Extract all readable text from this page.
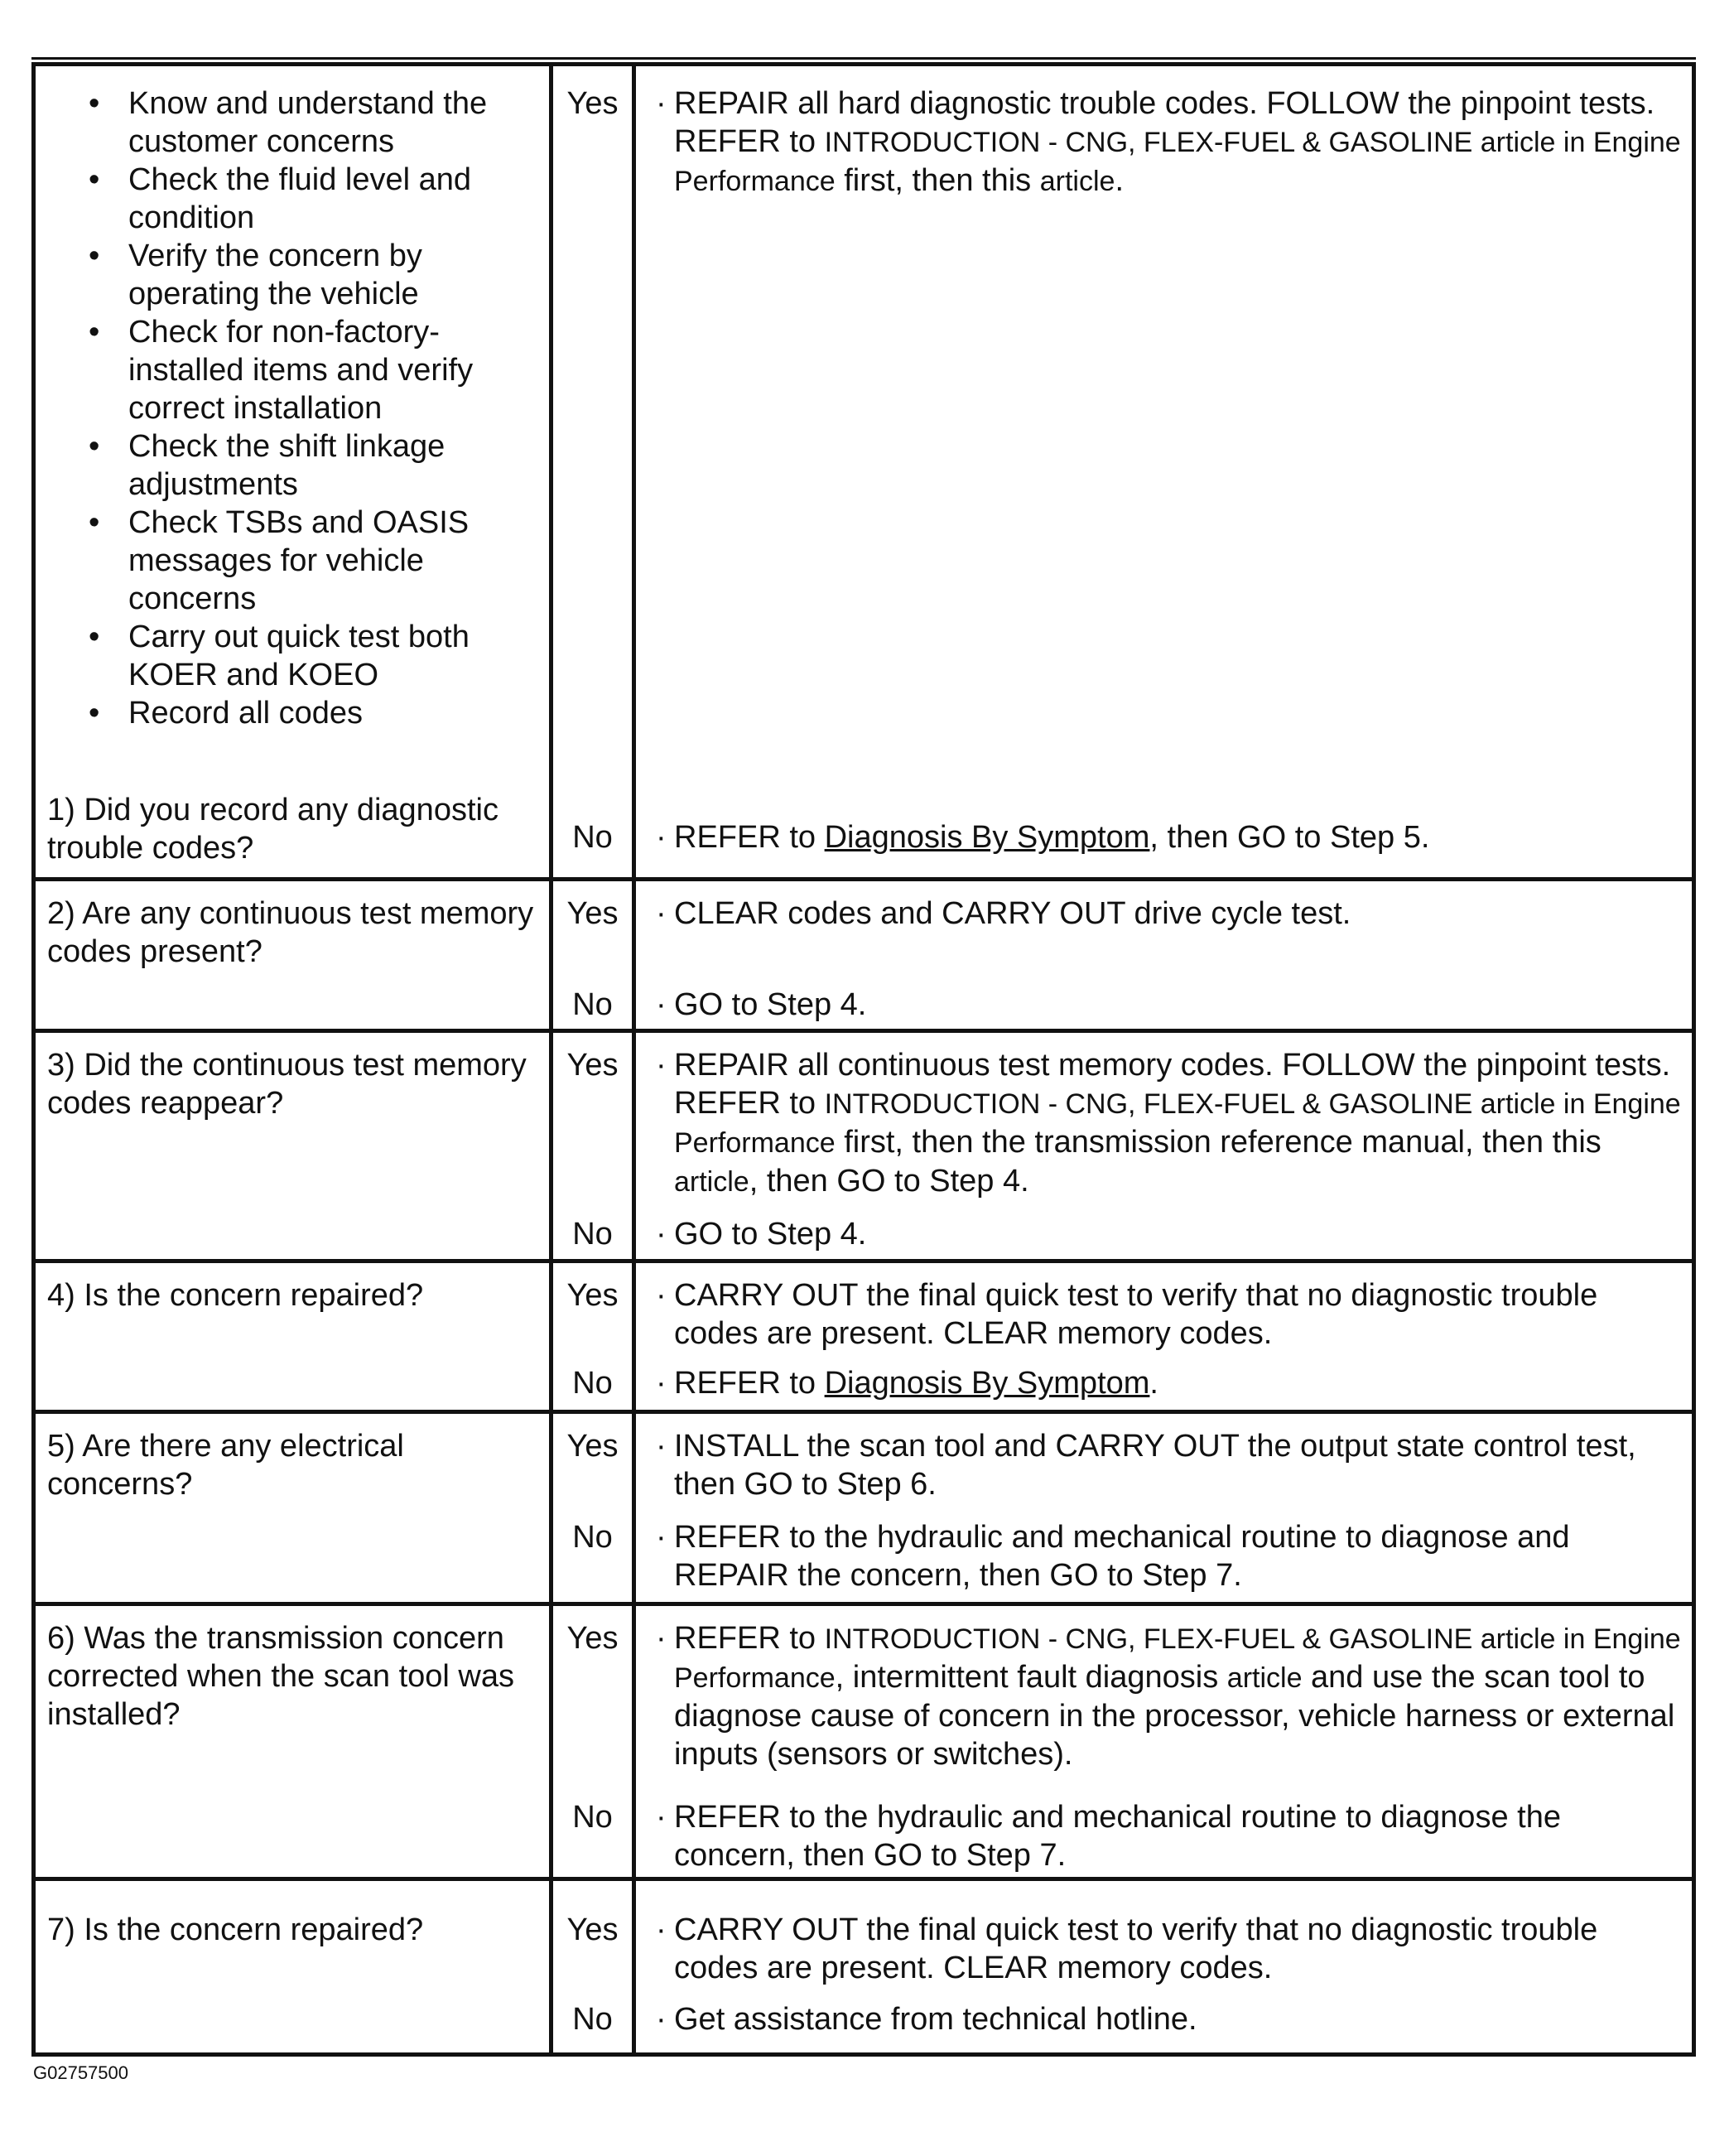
• Know and understand the customer concerns
• Check the fluid level and condition
• Verify the concern by operating the vehicle
• Check for non-factory-installed items and verify correct installation
• Check the shift linkage adjustments
• Check TSBs and OASIS messages for vehicle concerns
• Carry out quick test both KOER and KOEO
• Record all codes
1) Did you record any diagnostic trouble codes?
Yes
No
· REPAIR all hard diagnostic trouble codes. FOLLOW the pinpoint tests. REFER to INTRODUCTION - CNG, FLEX-FUEL & GASOLINE article in Engine Performance first, then this article.
· REFER to Diagnosis By Symptom, then GO to Step 5.
2) Are any continuous test memory codes present?
Yes
No
· CLEAR codes and CARRY OUT drive cycle test.
· GO to Step 4.
3) Did the continuous test memory codes reappear?
Yes
No
· REPAIR all continuous test memory codes. FOLLOW the pinpoint tests. REFER to INTRODUCTION - CNG, FLEX-FUEL & GASOLINE article in Engine Performance first, then the transmission reference manual, then this article, then GO to Step 4.
· GO to Step 4.
4) Is the concern repaired?	Yes
No
· CARRY OUT the final quick test to verify that no diagnostic trouble codes are present. CLEAR memory codes.
· REFER to Diagnosis By Symptom.
5) Are there any electrical concerns?
Yes
No
· INSTALL the scan tool and CARRY OUT the output state control test, then GO to Step 6.
· REFER to the hydraulic and mechanical routine to diagnose and REPAIR the concern, then GO to Step 7.
6) Was the transmission concern corrected when the scan tool was installed?
Yes
No
· REFER to INTRODUCTION - CNG, FLEX-FUEL & GASOLINE article in Engine Performance, intermittent fault diagnosis article and use the scan tool to diagnose cause of concern in the processor, vehicle harness or external inputs (sensors or switches).
· REFER to the hydraulic and mechanical routine to diagnose the concern, then GO to Step 7.
7) Is the concern repaired?	Yes
No
· CARRY OUT the final quick test to verify that no diagnostic trouble codes are present. CLEAR memory codes.
· Get assistance from technical hotline.
G02757500
